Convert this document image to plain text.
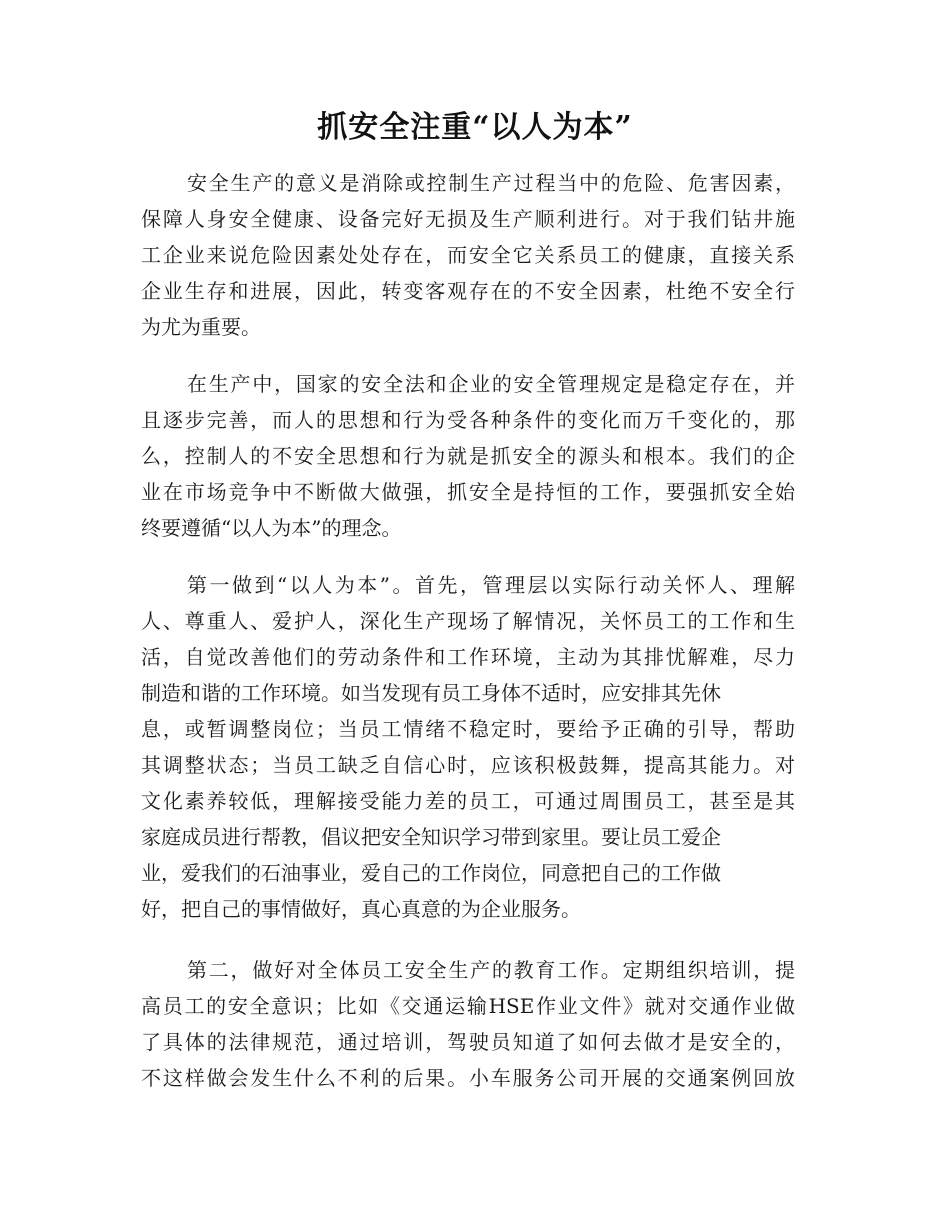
抓安全注重“以人为本”
安全生产的意义是消除或控制生产过程当中的危险、危害因素，
保障人身安全健康、设备完好无损及生产顺利进行。对于我们钻井施
工企业来说危险因素处处存在，而安全它关系员工的健康，直接关系
企业生存和进展，因此，转变客观存在的不安全因素，杜绝不安全行
为尤为重要。
在生产中，国家的安全法和企业的安全管理规定是稳定存在，并
且逐步完善，而人的思想和行为受各种条件的变化而万千变化的，那
么，控制人的不安全思想和行为就是抓安全的源头和根本。我们的企
业在市场竞争中不断做大做强，抓安全是持恒的工作，要强抓安全始
终要遵循“以人为本”的理念。
第一做到“以人为本”。首先，管理层以实际行动关怀人、理解
人、尊重人、爱护人，深化生产现场了解情况，关怀员工的工作和生
活，自觉改善他们的劳动条件和工作环境，主动为其排忧解难，尽力
制造和谐的工作环境。如当发现有员工身体不适时，应安排其先休
息，或暂调整岗位；当员工情绪不稳定时，要给予正确的引导，帮助
其调整状态；当员工缺乏自信心时，应该积极鼓舞，提高其能力。对
文化素养较低，理解接受能力差的员工，可通过周围员工，甚至是其
家庭成员进行帮教，倡议把安全知识学习带到家里。要让员工爱企
业，爱我们的石油事业，爱自己的工作岗位，同意把自己的工作做
好，把自己的事情做好，真心真意的为企业服务。
第二，做好对全体员工安全生产的教育工作。定期组织培训，提
高员工的安全意识；比如《交通运输HSE作业文件》就对交通作业做
了具体的法律规范，通过培训，驾驶员知道了如何去做才是安全的，
不这样做会发生什么不利的后果。小车服务公司开展的交通案例回放
